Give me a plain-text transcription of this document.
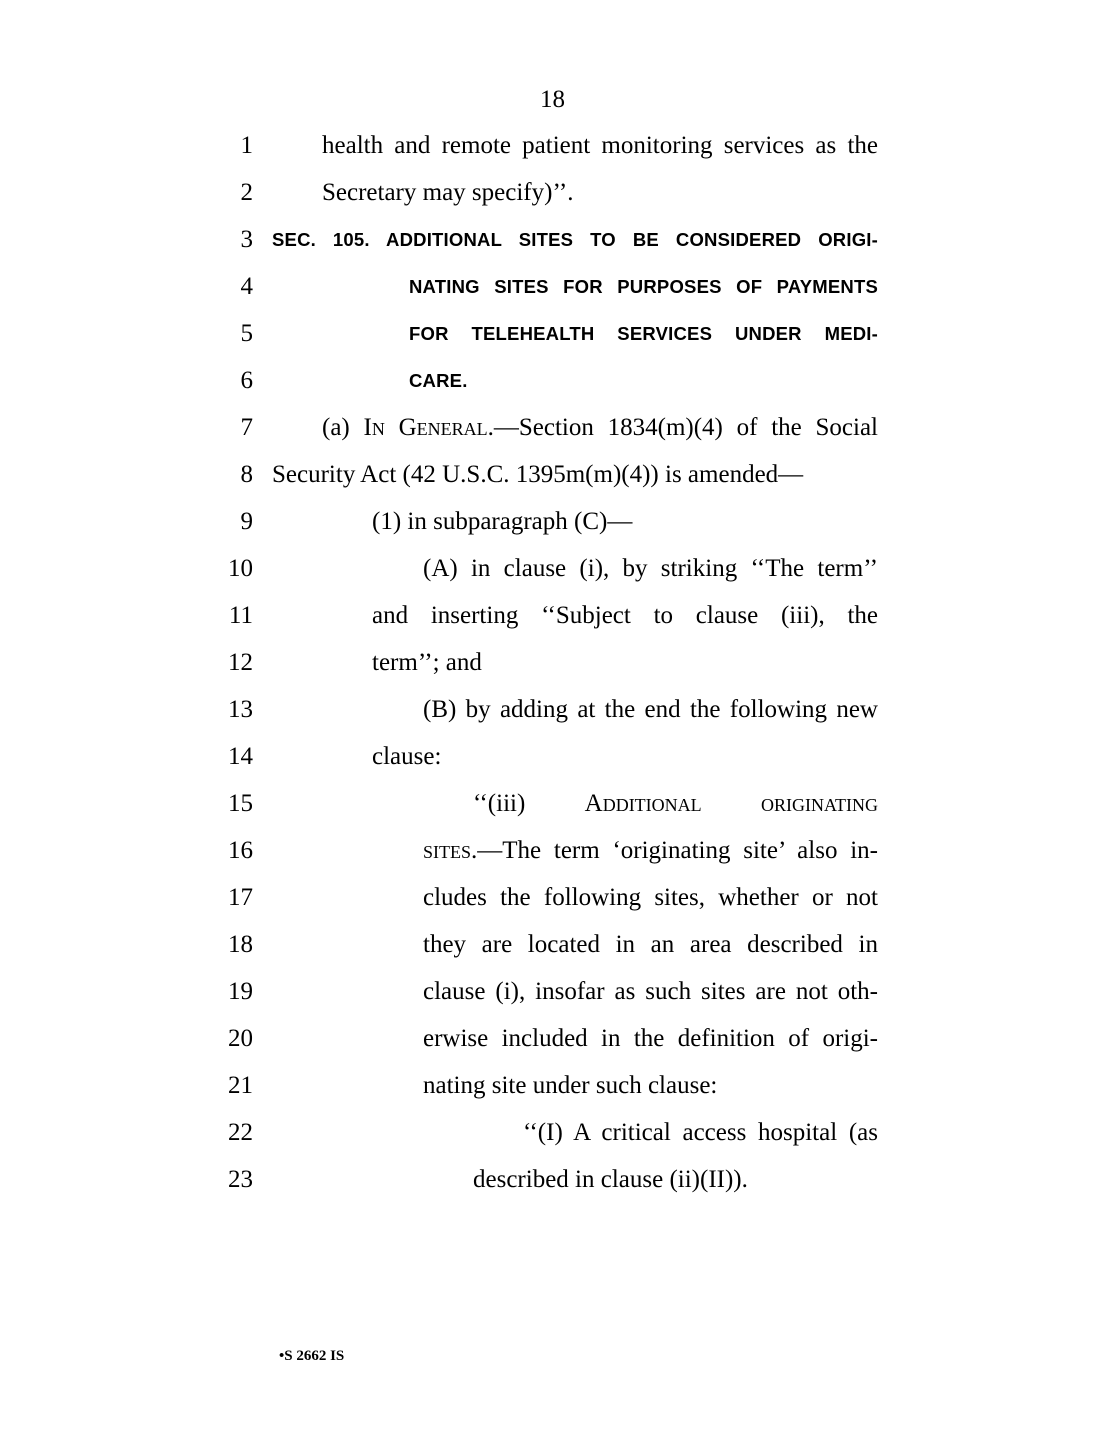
18
1	health and remote patient monitoring services as the
2	Secretary may specify)’’.
3 SEC. 105. ADDITIONAL SITES TO BE CONSIDERED ORIGI-
4	NATING SITES FOR PURPOSES OF PAYMENTS
5	FOR TELEHEALTH SERVICES UNDER MEDI-
6	CARE.
7	(a) In General.—Section 1834(m)(4) of the Social
8 Security Act (42 U.S.C. 1395m(m)(4)) is amended—
9	(1) in subparagraph (C)—
10	(A) in clause (i), by striking ‘‘The term’’
11	and inserting ‘‘Subject to clause (iii), the
12	term’’; and
13	(B) by adding at the end the following new
14	clause:
15	‘‘(iii) Additional originating
16	sites.—The term ‘originating site’ also in-
17	cludes the following sites, whether or not
18	they are located in an area described in
19	clause (i), insofar as such sites are not oth-
20	erwise included in the definition of origi-
21	nating site under such clause:
22	‘‘(I) A critical access hospital (as
23	described in clause (ii)(II)).
•S 2662 IS
